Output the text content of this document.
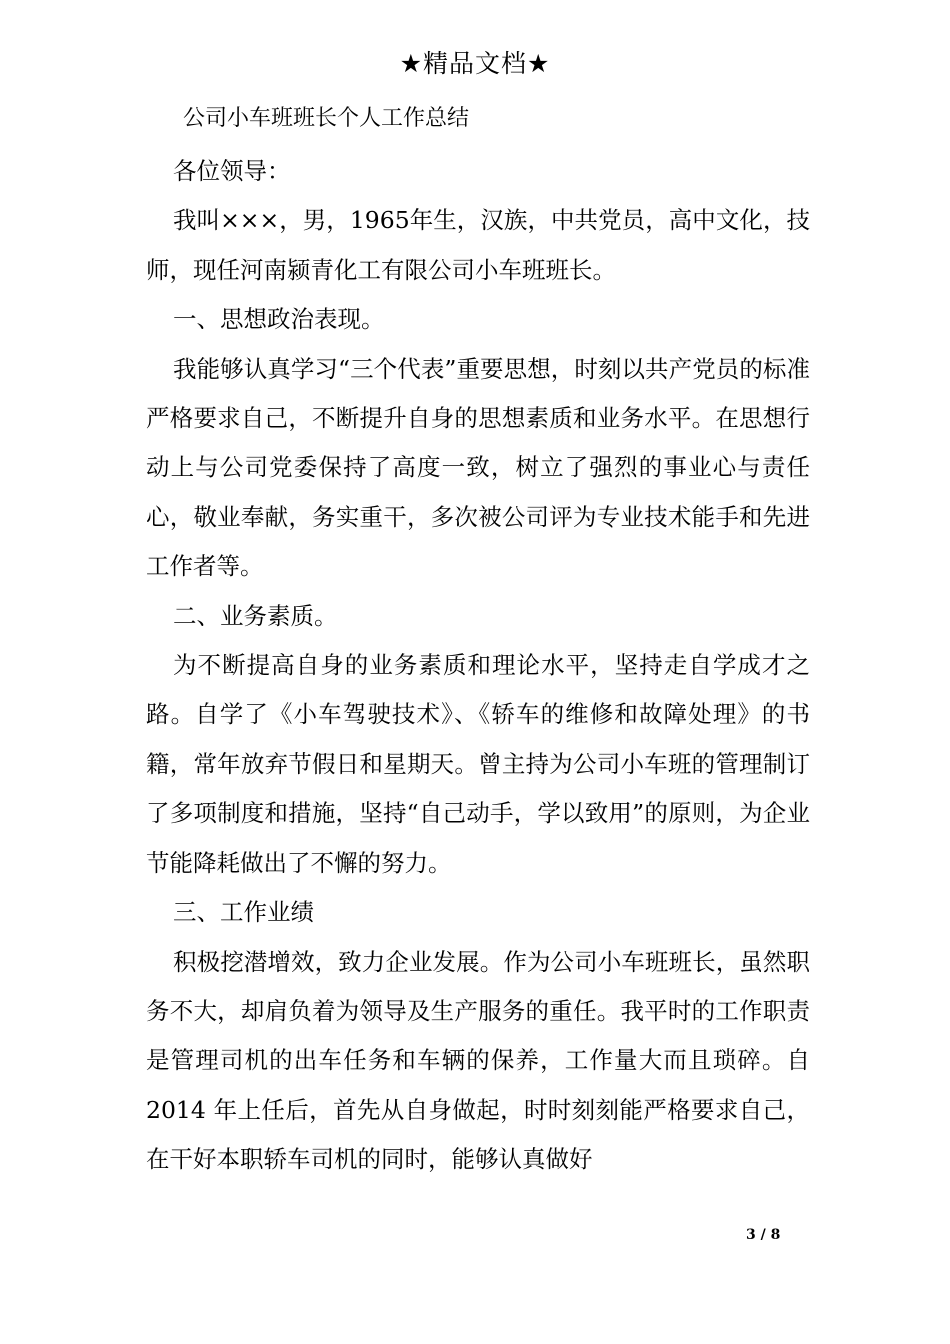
★精品文档★
公司小车班班长个人工作总结

各位领导：

我叫×××，男，1965年生，汉族，中共党员，高中文化，技师，现任河南颍青化工有限公司小车班班长。

一、思想政治表现。

我能够认真学习“三个代表”重要思想，时刻以共产党员的标准严格要求自己，不断提升自身的思想素质和业务水平。在思想行动上与公司党委保持了高度一致，树立了强烈的事业心与责任心，敬业奉献，务实重干，多次被公司评为专业技术能手和先进工作者等。

二、业务素质。

为不断提高自身的业务素质和理论水平，坚持走自学成才之路。自学了《小车驾驶技术》、《轿车的维修和故障处理》的书籍，常年放弃节假日和星期天。曾主持为公司小车班的管理制订了多项制度和措施，坚持“自己动手，学以致用”的原则，为企业节能降耗做出了不懈的努力。

三、工作业绩

积极挖潜增效，致力企业发展。作为公司小车班班长，虽然职务不大，却肩负着为领导及生产服务的重任。我平时的工作职责是管理司机的出车任务和车辆的保养，工作量大而且琐碎。自 2014 年上任后，首先从自身做起，时时刻刻能严格要求自己，在干好本职轿车司机的同时，能够认真做好

3 / 8
